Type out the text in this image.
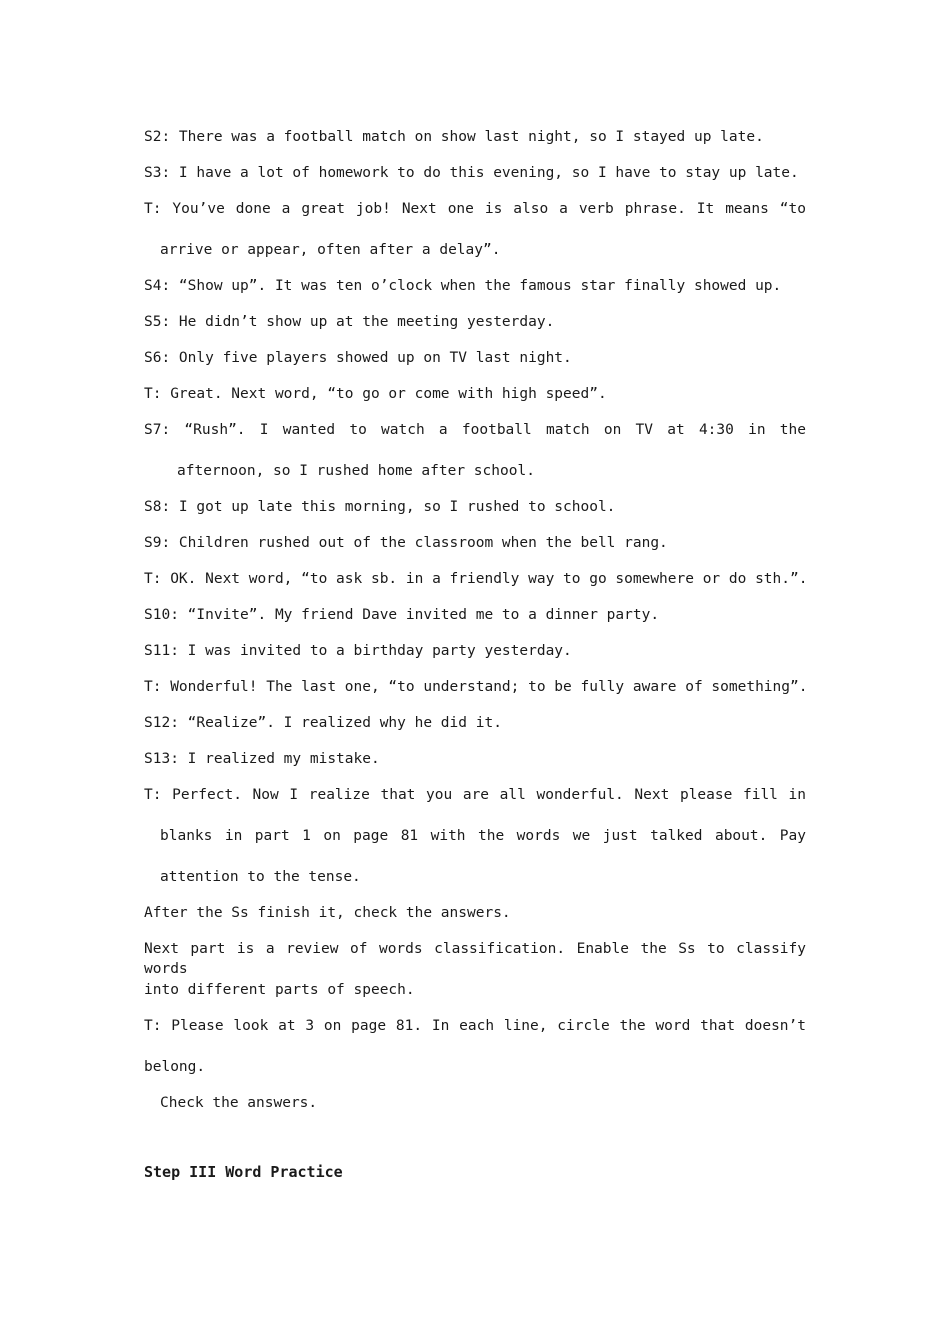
S2: There was a football match on show last night, so I stayed up late.
S3: I have a lot of homework to do this evening, so I have to stay up late.
T: You’ve done a great job! Next one is also a verb phrase. It means “to
arrive or appear, often after a delay”.
S4: “Show up”. It was ten o’clock when the famous star finally showed up.
S5: He didn’t show up at the meeting yesterday.
S6: Only five players showed up on TV last night.
T: Great. Next word, “to go or come with high speed”.
S7: “Rush”. I wanted to watch a football match on TV at 4:30 in the
afternoon, so I rushed home after school.
S8: I got up late this morning, so I rushed to school.
S9: Children rushed out of the classroom when the bell rang.
T: OK. Next word, “to ask sb. in a friendly way to go somewhere or do sth.”.
S10: “Invite”. My friend Dave invited me to a dinner party.
S11: I was invited to a birthday party yesterday.
T: Wonderful! The last one, “to understand; to be fully aware of something”.
S12: “Realize”. I realized why he did it.
S13: I realized my mistake.
T: Perfect. Now I realize that you are all wonderful. Next please fill in
blanks in part 1 on page 81 with the words we just talked about. Pay
attention to the tense.
After the Ss finish it, check the answers.
Next part is a review of words classification. Enable the Ss to classify words
into different parts of speech.
T: Please look at 3 on page 81. In each line, circle the word that doesn’t
belong.
Check the answers.
Step III Word Practice
